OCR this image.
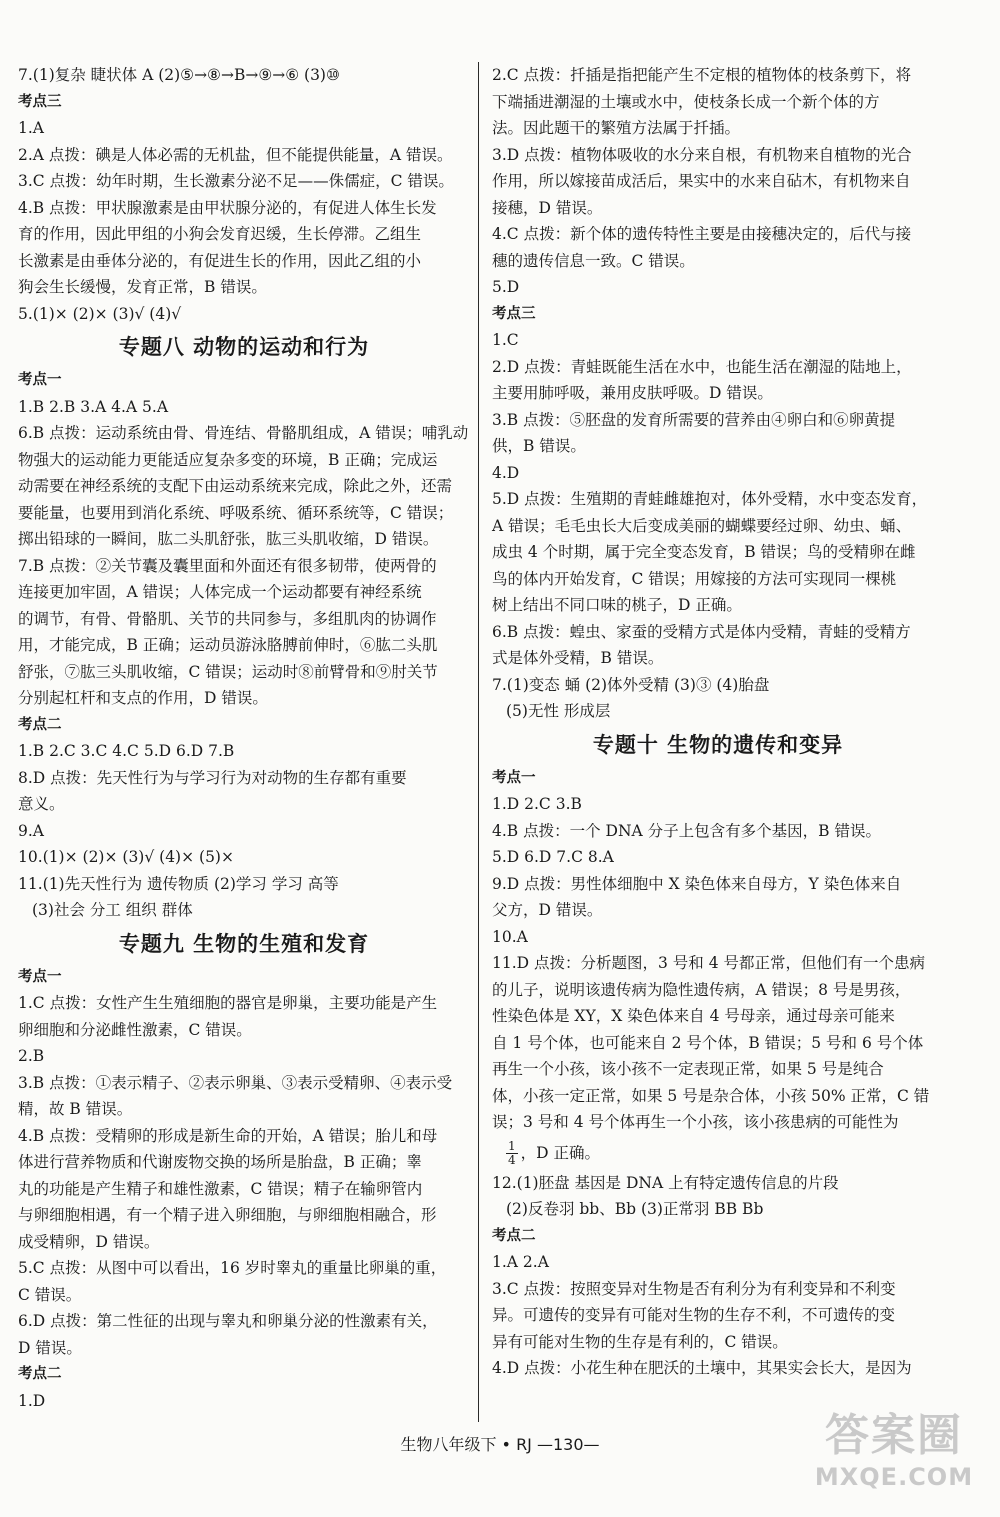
7.(1)复杂 睫状体 A (2)⑤→⑧→B→⑨→⑥ (3)⑩
考点三
1.A
2.A 点拨：碘是人体必需的无机盐，但不能提供能量，A 错误。
3.C 点拨：幼年时期，生长激素分泌不足——侏儒症，C 错误。
4.B 点拨：甲状腺激素是由甲状腺分泌的，有促进人体生长发
育的作用，因此甲组的小狗会发育迟缓，生长停滞。乙组生
长激素是由垂体分泌的，有促进生长的作用，因此乙组的小
狗会生长缓慢，发育正常，B 错误。
5.(1)× (2)× (3)√ (4)√
专题八 动物的运动和行为
考点一
1.B 2.B 3.A 4.A 5.A
6.B 点拨：运动系统由骨、骨连结、骨骼肌组成，A 错误；哺乳动
物强大的运动能力更能适应复杂多变的环境，B 正确；完成运
动需要在神经系统的支配下由运动系统来完成，除此之外，还需
要能量，也要用到消化系统、呼吸系统、循环系统等，C 错误；
掷出铅球的一瞬间，肱二头肌舒张，肱三头肌收缩，D 错误。
7.B 点拨：②关节囊及囊里面和外面还有很多韧带，使两骨的
连接更加牢固，A 错误；人体完成一个运动都要有神经系统
的调节，有骨、骨骼肌、关节的共同参与，多组肌肉的协调作
用，才能完成，B 正确；运动员游泳胳膊前伸时，⑥肱二头肌
舒张，⑦肱三头肌收缩，C 错误；运动时⑧前臂骨和⑨肘关节
分别起杠杆和支点的作用，D 错误。
考点二
1.B 2.C 3.C 4.C 5.D 6.D 7.B
8.D 点拨：先天性行为与学习行为对动物的生存都有重要
意义。
9.A
10.(1)× (2)× (3)√ (4)× (5)×
11.(1)先天性行为 遗传物质 (2)学习 学习 高等
(3)社会 分工 组织 群体
专题九 生物的生殖和发育
考点一
1.C 点拨：女性产生生殖细胞的器官是卵巢，主要功能是产生
卵细胞和分泌雌性激素，C 错误。
2.B
3.B 点拨：①表示精子、②表示卵巢、③表示受精卵、④表示受
精，故 B 错误。
4.B 点拨：受精卵的形成是新生命的开始，A 错误；胎儿和母
体进行营养物质和代谢废物交换的场所是胎盘，B 正确；睾
丸的功能是产生精子和雄性激素，C 错误；精子在输卵管内
与卵细胞相遇，有一个精子进入卵细胞，与卵细胞相融合，形
成受精卵，D 错误。
5.C 点拨：从图中可以看出，16 岁时睾丸的重量比卵巢的重，
C 错误。
6.D 点拨：第二性征的出现与睾丸和卵巢分泌的性激素有关，
D 错误。
考点二
1.D
2.C 点拨：扦插是指把能产生不定根的植物体的枝条剪下，将
下端插进潮湿的土壤或水中，使枝条长成一个新个体的方
法。因此题干的繁殖方法属于扦插。
3.D 点拨：植物体吸收的水分来自根，有机物来自植物的光合
作用，所以嫁接苗成活后，果实中的水来自砧木，有机物来自
接穗，D 错误。
4.C 点拨：新个体的遗传特性主要是由接穗决定的，后代与接
穗的遗传信息一致。C 错误。
5.D
考点三
1.C
2.D 点拨：青蛙既能生活在水中，也能生活在潮湿的陆地上，
主要用肺呼吸，兼用皮肤呼吸。D 错误。
3.B 点拨：⑤胚盘的发育所需要的营养由④卵白和⑥卵黄提
供，B 错误。
4.D
5.D 点拨：生殖期的青蛙雌雄抱对，体外受精，水中变态发育，
A 错误；毛毛虫长大后变成美丽的蝴蝶要经过卵、幼虫、蛹、
成虫 4 个时期，属于完全变态发育，B 错误；鸟的受精卵在雌
鸟的体内开始发育，C 错误；用嫁接的方法可实现同一棵桃
树上结出不同口味的桃子，D 正确。
6.B 点拨：蝗虫、家蚕的受精方式是体内受精，青蛙的受精方
式是体外受精，B 错误。
7.(1)变态 蛹 (2)体外受精 (3)③ (4)胎盘
(5)无性 形成层
专题十 生物的遗传和变异
考点一
1.D 2.C 3.B
4.B 点拨：一个 DNA 分子上包含有多个基因，B 错误。
5.D 6.D 7.C 8.A
9.D 点拨：男性体细胞中 X 染色体来自母方，Y 染色体来自
父方，D 错误。
10.A
11.D 点拨：分析题图，3 号和 4 号都正常，但他们有一个患病
的儿子，说明该遗传病为隐性遗传病，A 错误；8 号是男孩，
性染色体是 XY，X 染色体来自 4 号母亲，通过母亲可能来
自 1 号个体，也可能来自 2 号个体，B 错误；5 号和 6 号个体
再生一个小孩，该小孩不一定表现正常，如果 5 号是纯合
体，小孩一定正常，如果 5 号是杂合体，小孩 50% 正常，C 错
误；3 号和 4 号个体再生一个小孩，该小孩患病的可能性为
$\frac{1}{4}$ ，D 正确。
12.(1)胚盘 基因是 DNA 上有特定遗传信息的片段
(2)反卷羽 bb、Bb (3)正常羽 BB Bb
考点二
1.A 2.A
3.C 点拨：按照变异对生物是否有利分为有利变异和不利变
异。可遗传的变异有可能对生物的生存不利，不可遗传的变
异有可能对生物的生存是有利的，C 错误。
4.D 点拨：小花生种在肥沃的土壤中，其果实会长大，是因为
生物八年级下 • RJ —130—	答案圈
MXQE.COM
